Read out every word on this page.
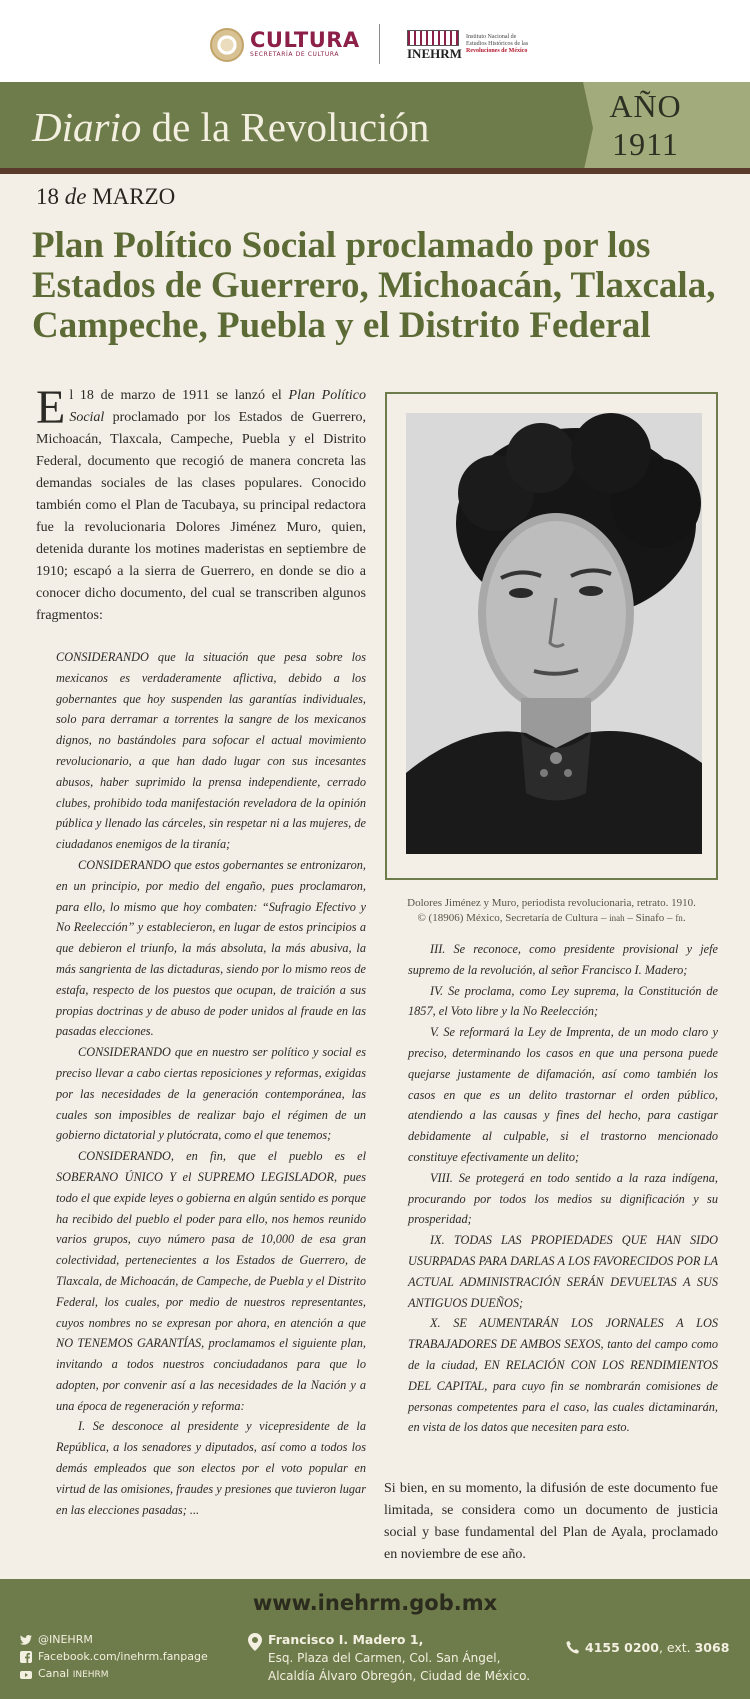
CULTURA
SECRETARÍA DE CULTURA	INEHRM
Instituto Nacional de
Estudios Históricos de las
Revoluciones de México
Diario de la Revolución	AÑO
1911
18 de MARZO
Plan Político Social proclamado por los Estados de Guerrero, Michoacán, Tlaxcala, Campeche, Puebla y el Distrito Federal

El 18 de marzo de 1911 se lanzó el Plan Político Social proclamado por los Estados de Guerrero, Michoacán, Tlaxcala, Campeche, Puebla y el Distrito Federal, documento que recogió de manera concreta las demandas sociales de las clases populares. Conocido también como el Plan de Tacubaya, su principal redactora fue la revolucionaria Dolores Jiménez Muro, quien, detenida durante los motines maderistas en septiembre de 1910; escapó a la sierra de Guerrero, en donde se dio a conocer dicho documento, del cual se transcriben algunos fragmentos:

CONSIDERANDO que la situación que pesa sobre los mexicanos es verdaderamente aflictiva, debido a los gobernantes que hoy suspenden las garantías individuales, solo para derramar a torrentes la sangre de los mexicanos dignos, no bastándoles para sofocar el actual movimiento revolucionario, a que han dado lugar con sus incesantes abusos, haber suprimido la prensa independiente, cerrado clubes, prohibido toda manifestación reveladora de la opinión pública y llenado las cárceles, sin respetar ni a las mujeres, de ciudadanos enemigos de la tiranía;

CONSIDERANDO que estos gobernantes se entronizaron, en un principio, por medio del engaño, pues proclamaron, para ello, lo mismo que hoy combaten: “Sufragio Efectivo y No Reelección” y establecieron, en lugar de estos principios a que debieron el triunfo, la más absoluta, la más abusiva, la más sangrienta de las dictaduras, siendo por lo mismo reos de estafa, respecto de los puestos que ocupan, de traición a sus propias doctrinas y de abuso de poder unidos al fraude en las pasadas elecciones.

CONSIDERANDO que en nuestro ser político y social es preciso llevar a cabo ciertas reposiciones y reformas, exigidas por las necesidades de la generación contemporánea, las cuales son imposibles de realizar bajo el régimen de un gobierno dictatorial y plutócrata, como el que tenemos;

CONSIDERANDO, en fin, que el pueblo es el SOBERANO ÚNICO Y el SUPREMO LEGISLADOR, pues todo el que expide leyes o gobierna en algún sentido es porque ha recibido del pueblo el poder para ello, nos hemos reunido varios grupos, cuyo número pasa de 10,000 de esa gran colectividad, pertenecientes a los Estados de Guerrero, de Tlaxcala, de Michoacán, de Campeche, de Puebla y el Distrito Federal, los cuales, por medio de nuestros representantes, cuyos nombres no se expresan por ahora, en atención a que NO TENEMOS GARANTÍAS, proclamamos el siguiente plan, invitando a todos nuestros conciudadanos para que lo adopten, por convenir así a las necesidades de la Nación y a una época de regeneración y reforma:

I. Se desconoce al presidente y vicepresidente de la República, a los senadores y diputados, así como a todos los demás empleados que son electos por el voto popular en virtud de las omisiones, fraudes y presiones que tuvieron lugar en las elecciones pasadas; ...

Dolores Jiménez y Muro, periodista revolucionaria, retrato. 1910.
© (18906) México, Secretaría de Cultura – inah – Sinafo – fn.

III. Se reconoce, como presidente provisional y jefe supremo de la revolución, al señor Francisco I. Madero;

IV. Se proclama, como Ley suprema, la Constitución de 1857, el Voto libre y la No Reelección;

V. Se reformará la Ley de Imprenta, de un modo claro y preciso, determinando los casos en que una persona puede quejarse justamente de difamación, así como también los casos en que es un delito trastornar el orden público, atendiendo a las causas y fines del hecho, para castigar debidamente al culpable, si el trastorno mencionado constituye efectivamente un delito;

VIII. Se protegerá en todo sentido a la raza indígena, procurando por todos los medios su dignificación y su prosperidad;

IX. TODAS LAS PROPIEDADES QUE HAN SIDO USURPADAS PARA DARLAS A LOS FAVORECIDOS POR LA ACTUAL ADMINISTRACIÓN SERÁN DEVUELTAS A SUS ANTIGUOS DUEÑOS;

X. SE AUMENTARÁN LOS JORNALES A LOS TRABAJADORES DE AMBOS SEXOS, tanto del campo como de la ciudad, EN RELACIÓN CON LOS RENDIMIENTOS DEL CAPITAL, para cuyo fin se nombrarán comisiones de personas competentes para el caso, las cuales dictaminarán, en vista de los datos que necesiten para esto.

Si bien, en su momento, la difusión de este documento fue limitada, se considera como un documento de justicia social y base fundamental del Plan de Ayala, proclamado en noviembre de ese año.

www.inehrm.gob.mx
@INEHRM
Facebook.com/inehrm.fanpage
Canal INEHRM
Francisco I. Madero 1,
Esq. Plaza del Carmen, Col. San Ángel,
Alcaldía Álvaro Obregón, Ciudad de México.
4155 0200, ext. 3068
